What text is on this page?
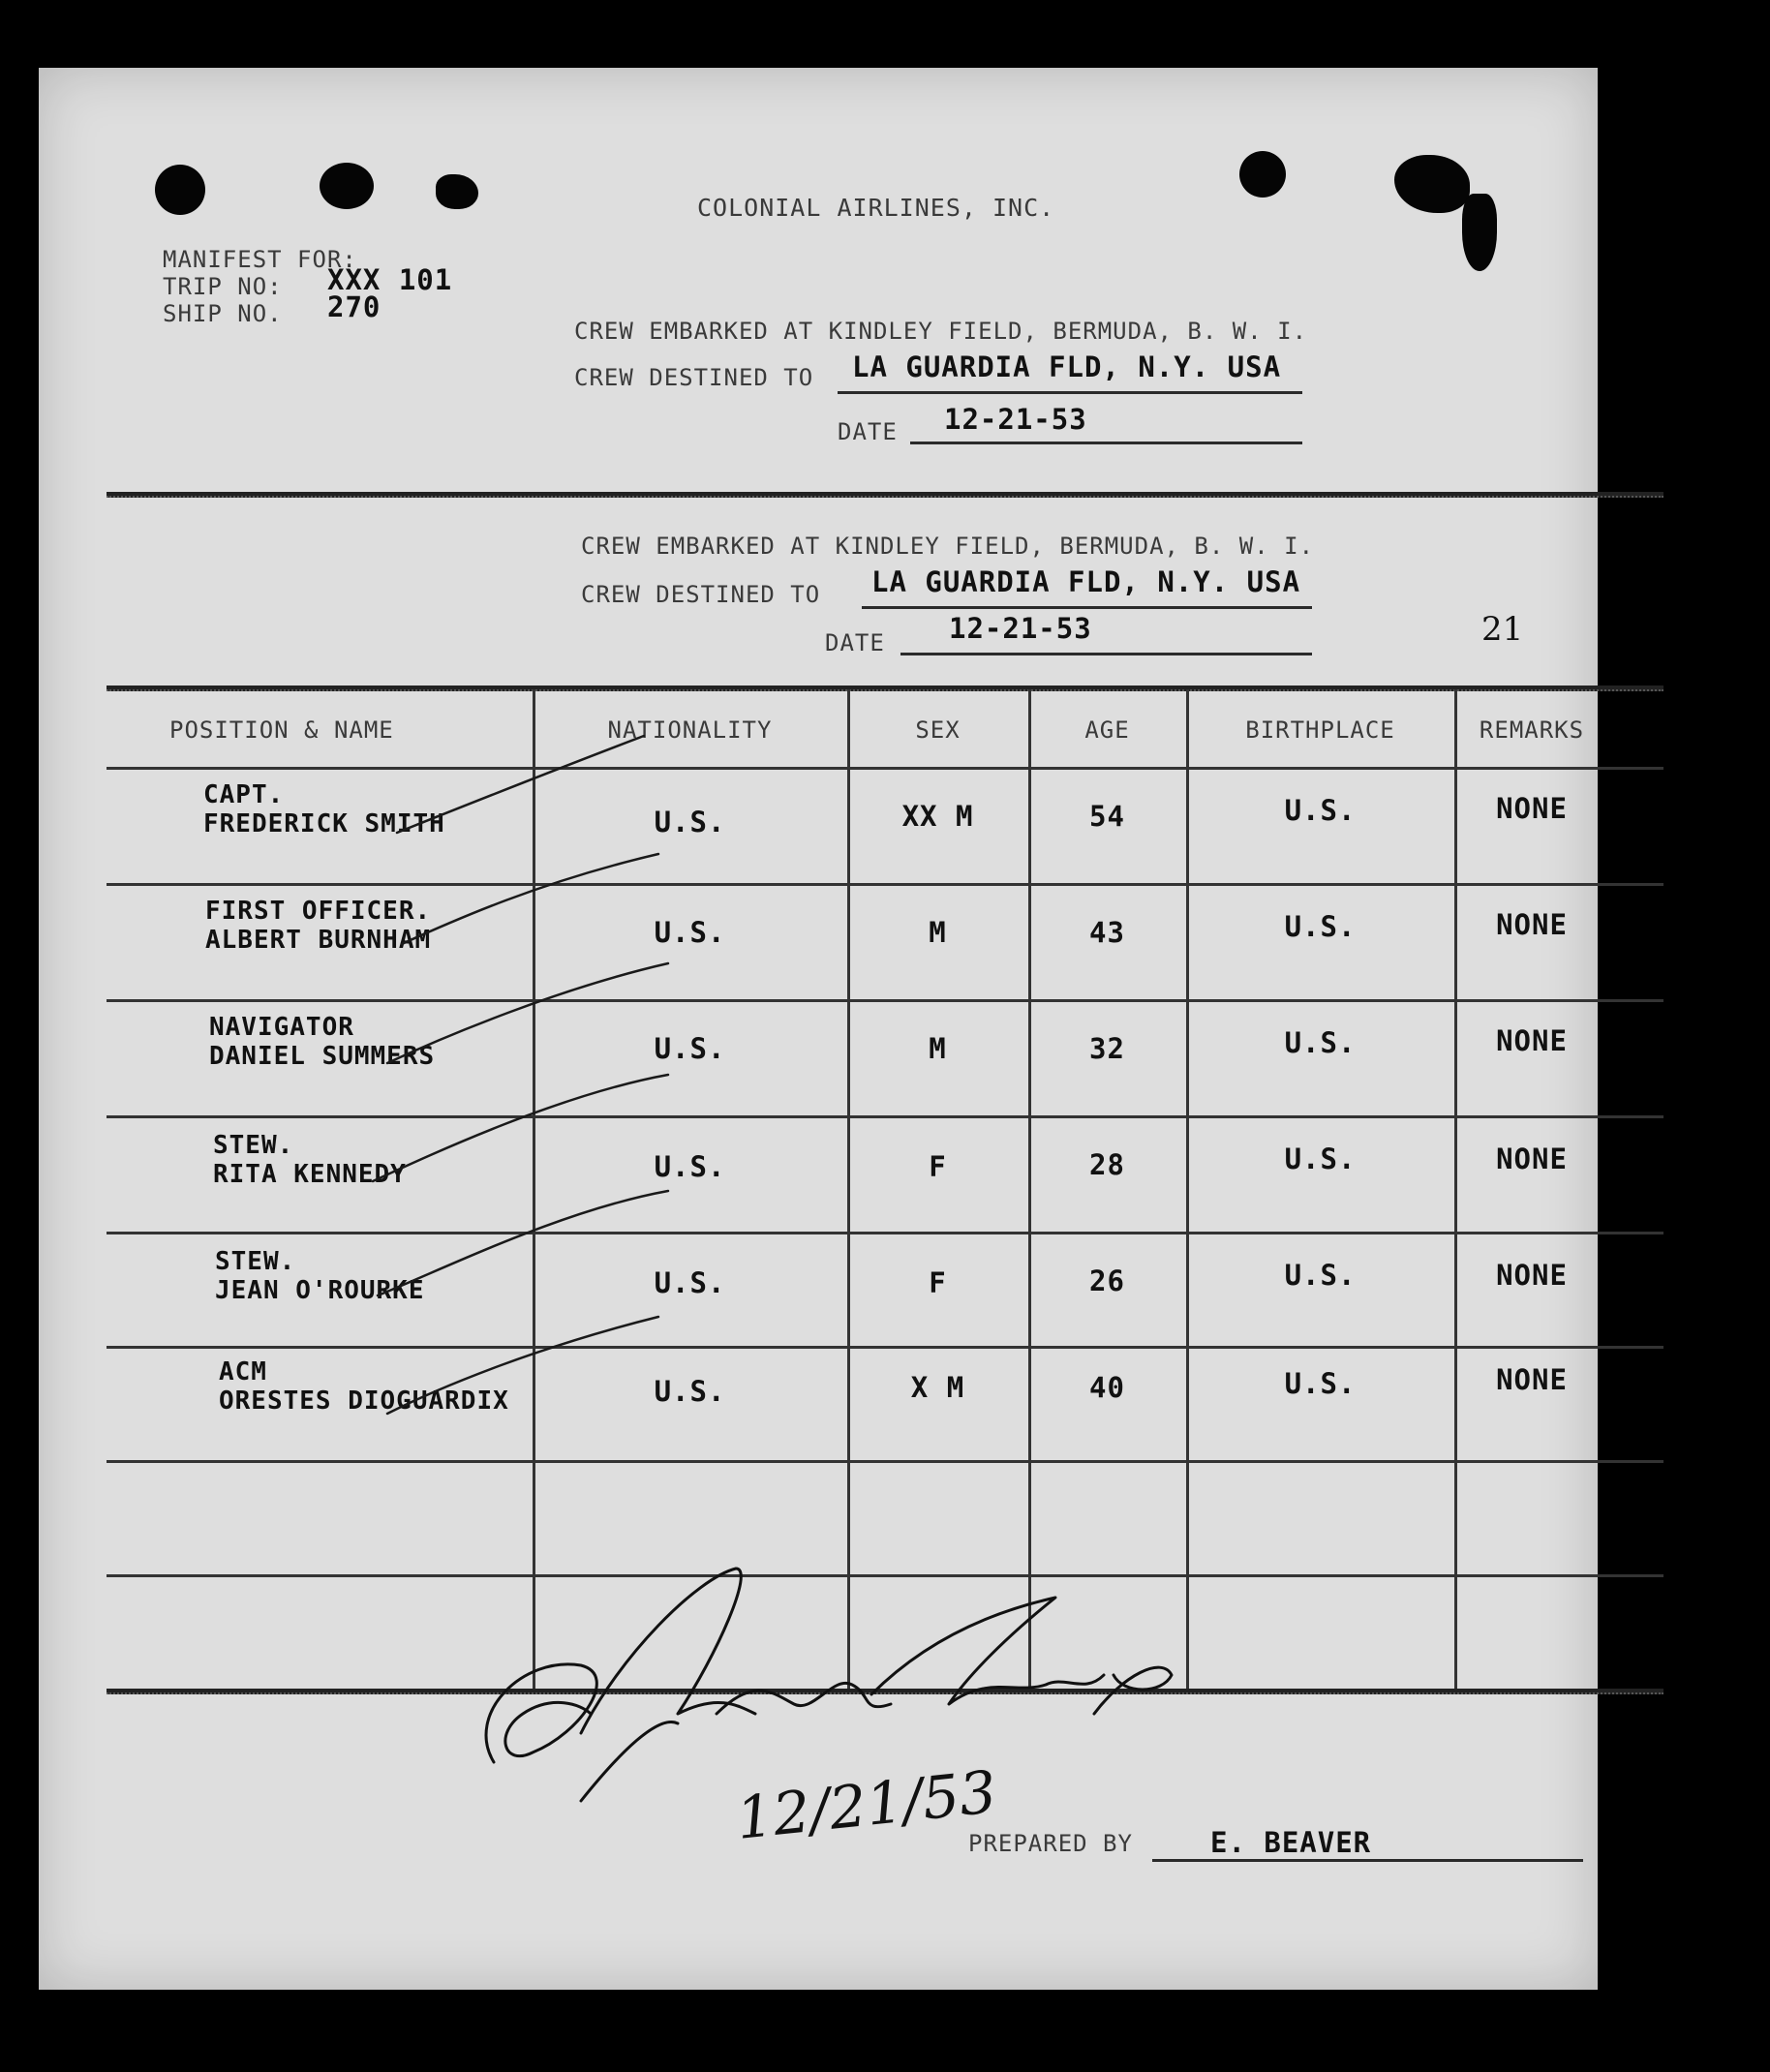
COLONIAL AIRLINES, INC.
MANIFEST FOR:
TRIP NO: XXX 101
SHIP NO. 270
CREW EMBARKED AT KINDLEY FIELD, BERMUDA, B. W. I.
CREW DESTINED TO LA GUARDIA FLD, N.Y. USA
DATE 12-21-53
CREW EMBARKED AT KINDLEY FIELD, BERMUDA, B. W. I.
CREW DESTINED TO LA GUARDIA FLD, N.Y. USA
DATE 12-21-53	21
POSITION & NAME	NATIONALITY	SEX	AGE	BIRTHPLACE	REMARKS
CAPT.
FREDERICK SMITH	U.S.	XX M	54	U.S.	NONE
FIRST OFFICER.
ALBERT BURNHAM	U.S.	M	43	U.S.	NONE
NAVIGATOR
DANIEL SUMMERS	U.S.	M	32	U.S.	NONE
STEW.
RITA KENNEDY	U.S.	F	28	U.S.	NONE
STEW.
JEAN O'ROURKE	U.S.	F	26	U.S.	NONE
ACM
ORESTES DIOGUARDIX	U.S.	X M	40	U.S.	NONE
12/21/53
PREPARED BY	E. BEAVER
